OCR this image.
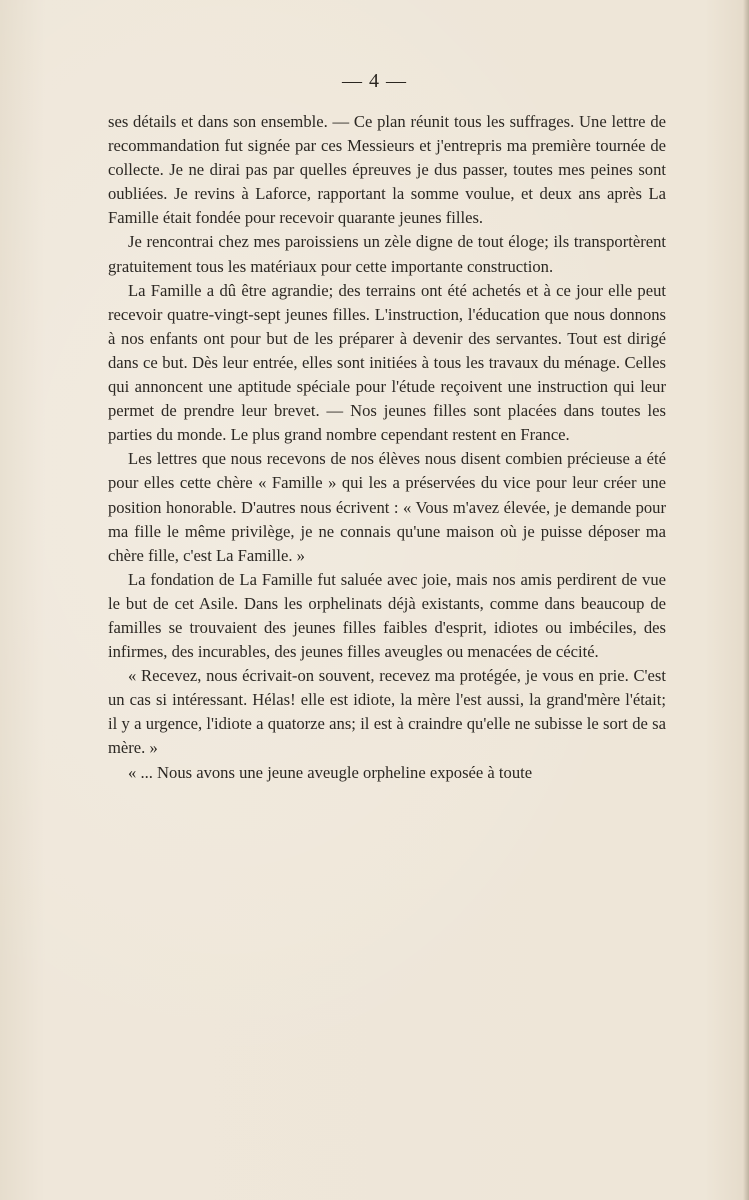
— 4 —

ses détails et dans son ensemble. — Ce plan réunit tous les suffrages. Une lettre de recommandation fut signée par ces Messieurs et j'entrepris ma première tournée de collecte. Je ne dirai pas par quelles épreuves je dus passer, toutes mes peines sont oubliées. Je revins à Laforce, rapportant la somme voulue, et deux ans après La Famille était fondée pour recevoir quarante jeunes filles.

Je rencontrai chez mes paroissiens un zèle digne de tout éloge; ils transportèrent gratuitement tous les matériaux pour cette importante construction.

La Famille a dû être agrandie; des terrains ont été achetés et à ce jour elle peut recevoir quatre-vingt-sept jeunes filles. L'instruction, l'éducation que nous donnons à nos enfants ont pour but de les préparer à devenir des servantes. Tout est dirigé dans ce but. Dès leur entrée, elles sont initiées à tous les travaux du ménage. Celles qui annoncent une aptitude spéciale pour l'étude reçoivent une instruction qui leur permet de prendre leur brevet. — Nos jeunes filles sont placées dans toutes les parties du monde. Le plus grand nombre cependant restent en France.

Les lettres que nous recevons de nos élèves nous disent combien précieuse a été pour elles cette chère « Famille » qui les a préservées du vice pour leur créer une position honorable. D'autres nous écrivent : « Vous m'avez élevée, je demande pour ma fille le même privilège, je ne connais qu'une maison où je puisse déposer ma chère fille, c'est La Famille. »

La fondation de La Famille fut saluée avec joie, mais nos amis perdirent de vue le but de cet Asile. Dans les orphelinats déjà existants, comme dans beaucoup de familles se trouvaient des jeunes filles faibles d'esprit, idiotes ou imbéciles, des infirmes, des incurables, des jeunes filles aveugles ou menacées de cécité.

« Recevez, nous écrivait-on souvent, recevez ma protégée, je vous en prie. C'est un cas si intéressant. Hélas! elle est idiote, la mère l'est aussi, la grand'mère l'était; il y a urgence, l'idiote a quatorze ans; il est à craindre qu'elle ne subisse le sort de sa mère. »

« ... Nous avons une jeune aveugle orpheline exposée à toute
